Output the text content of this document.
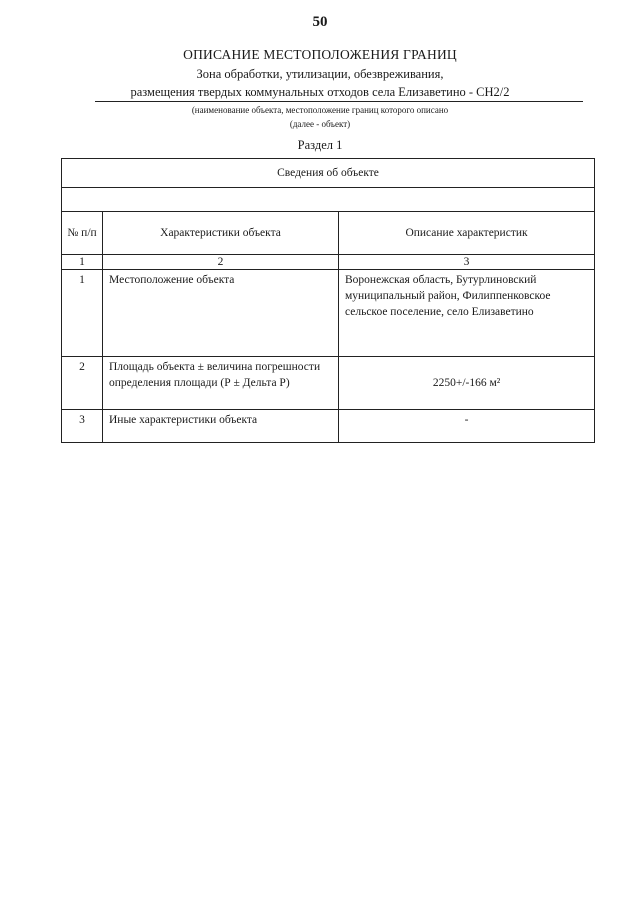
50
ОПИСАНИЕ МЕСТОПОЛОЖЕНИЯ ГРАНИЦ
Зона обработки, утилизации, обезвреживания,
размещения твердых коммунальных отходов села Елизаветино - СН2/2
(наименование объекта, местоположение границ которого описано
(далее - объект)
Раздел 1
Сведения об объекте		

№ п/п	Характеристики объекта	Описание характеристик
1	2	3
1	Местоположение объекта	Воронежская область, Бутурлиновский муниципальный район, Филиппенковское сельское поселение, село Елизаветино
2	Площадь объекта ± величина погрешности определения площади (Р ± Дельта Р)	2250+/-166 м²
3	Иные характеристики объекта	-
